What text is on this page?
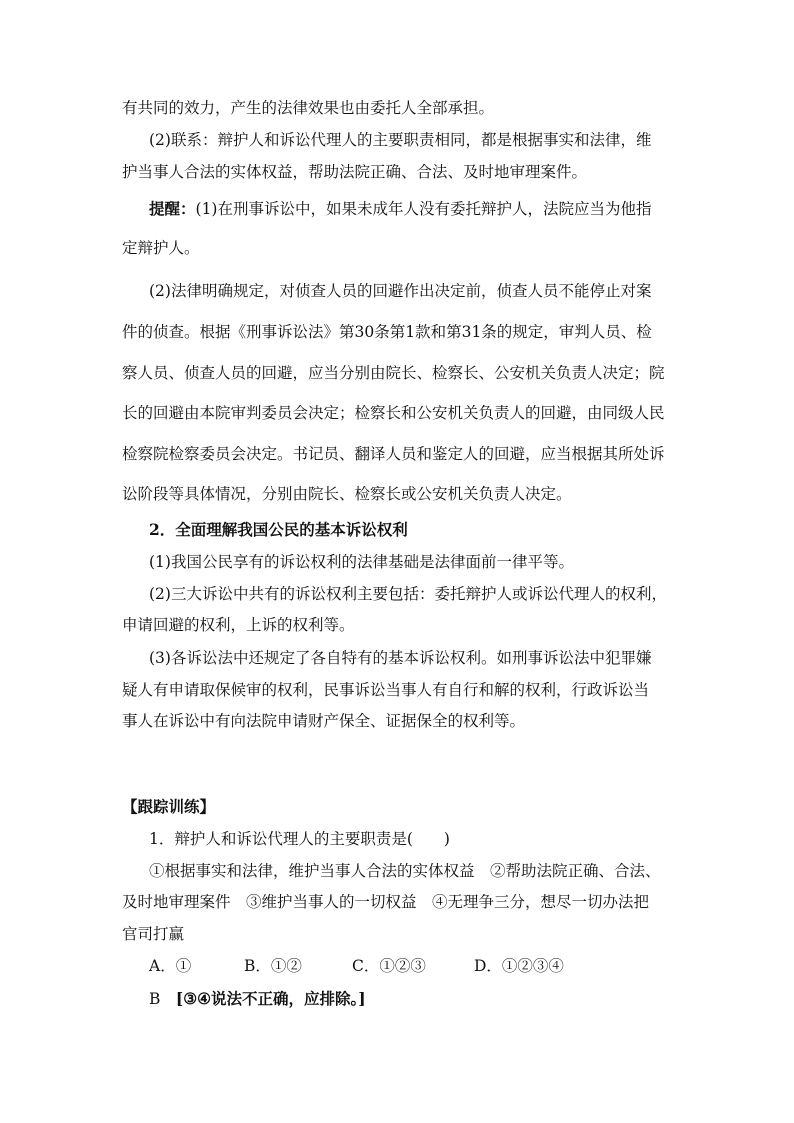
有共同的效力，产生的法律效果也由委托人全部承担。
(2)联系：辩护人和诉讼代理人的主要职责相同，都是根据事实和法律，维
护当事人合法的实体权益，帮助法院正确、合法、及时地审理案件。
提醒：(1)在刑事诉讼中，如果未成年人没有委托辩护人，法院应当为他指
定辩护人。
(2)法律明确规定，对侦查人员的回避作出决定前，侦查人员不能停止对案
件的侦查。根据《刑事诉讼法》第30条第1款和第31条的规定，审判人员、检
察人员、侦查人员的回避，应当分别由院长、检察长、公安机关负责人决定；院
长的回避由本院审判委员会决定；检察长和公安机关负责人的回避，由同级人民
检察院检察委员会决定。书记员、翻译人员和鉴定人的回避，应当根据其所处诉
讼阶段等具体情况，分别由院长、检察长或公安机关负责人决定。
2．全面理解我国公民的基本诉讼权利
(1)我国公民享有的诉讼权利的法律基础是法律面前一律平等。
(2)三大诉讼中共有的诉讼权利主要包括：委托辩护人或诉讼代理人的权利，
申请回避的权利，上诉的权利等。
(3)各诉讼法中还规定了各自特有的基本诉讼权利。如刑事诉讼法中犯罪嫌
疑人有申请取保候审的权利，民事诉讼当事人有自行和解的权利，行政诉讼当
事人在诉讼中有向法院申请财产保全、证据保全的权利等。
【跟踪训练】
1．辩护人和诉讼代理人的主要职责是(　　)
①根据事实和法律，维护当事人合法的实体权益　②帮助法院正确、合法、
及时地审理案件　③维护当事人的一切权益　④无理争三分，想尽一切办法把
官司打赢
A．①	B．①②	C．①②③	D．①②③④
B　 [③④说法不正确，应排除。]
